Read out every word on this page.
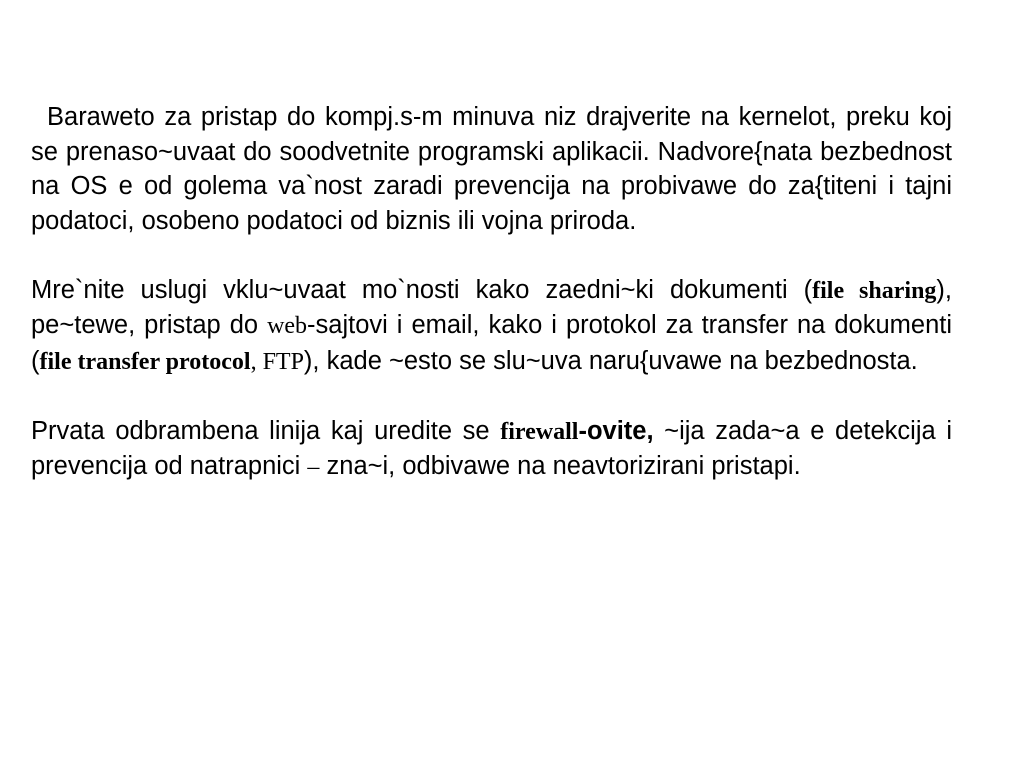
Baraweto za pristap do kompj.s-m minuva niz drajverite na kernelot, preku koj se prenaso~uvaat do soodvetnite programski aplikacii. Nadvore{nata bezbednost na OS e od golema va`nost zaradi prevencija na probivawe do za{titeni i tajni podatoci, osobeno podatoci od biznis ili vojna priroda.

Mre`nite uslugi vklu~uvaat mo`nosti kako zaedni~ki dokumenti (file sharing), pe~tewe, pristap do web-sajtovi i email, kako i protokol za transfer na dokumenti (file transfer protocol, FTP), kade ~esto se slu~uva naru{uvawe na bezbednosta.

Prvata odbrambena linija kaj uredite se firewall-ovite, ~ija zada~a e detekcija i prevencija od natrapnici – zna~i, odbivawe na neavtorizirani pristapi.
